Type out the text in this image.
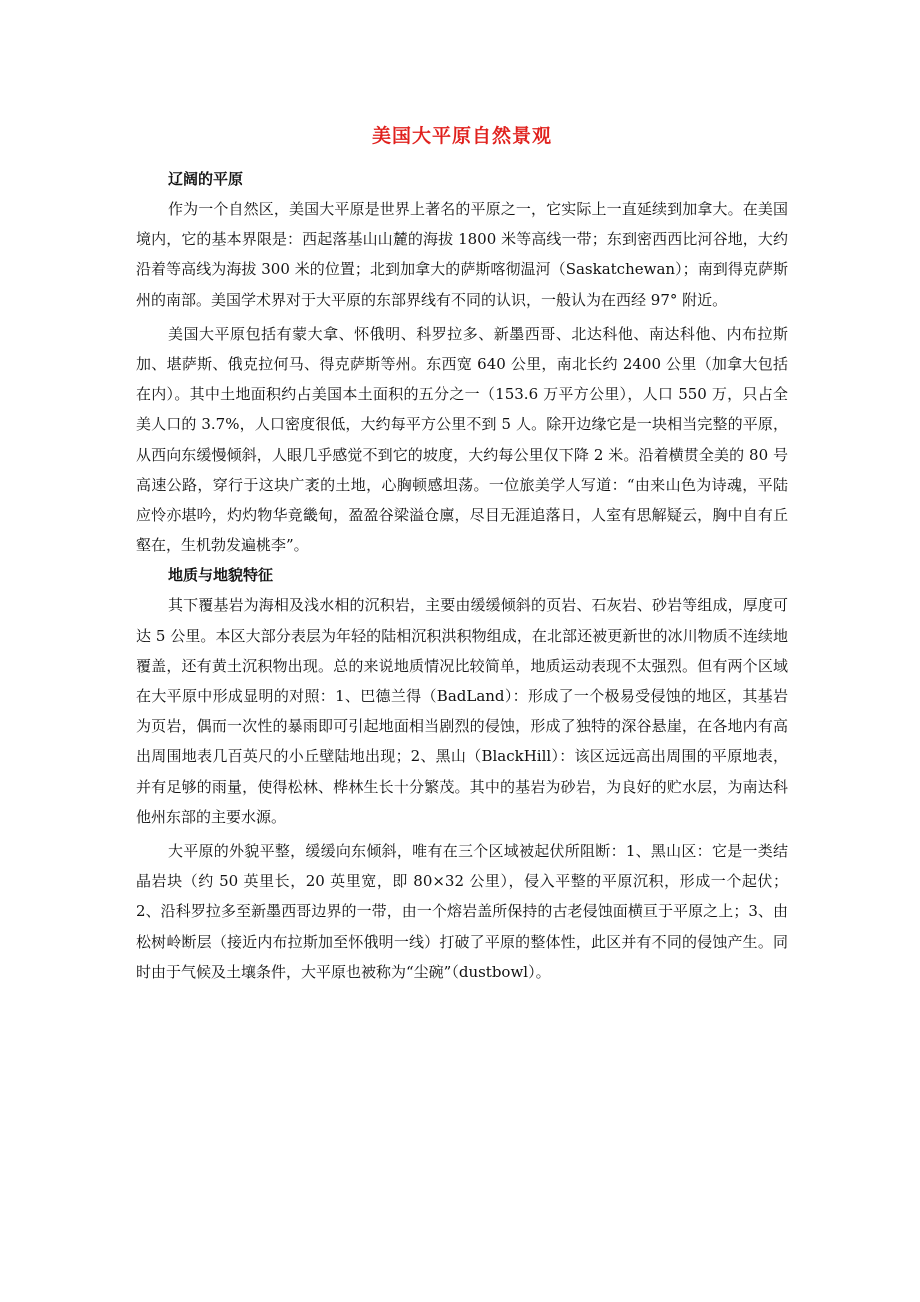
美国大平原自然景观
辽阔的平原

作为一个自然区，美国大平原是世界上著名的平原之一，它实际上一直延续到加拿大。在美国境内，它的基本界限是：西起落基山山麓的海拔 1800 米等高线一带；东到密西西比河谷地，大约沿着等高线为海拔 300 米的位置；北到加拿大的萨斯喀彻温河（Saskatchewan）；南到得克萨斯州的南部。美国学术界对于大平原的东部界线有不同的认识，一般认为在西经 97° 附近。

美国大平原包括有蒙大拿、怀俄明、科罗拉多、新墨西哥、北达科他、南达科他、内布拉斯加、堪萨斯、俄克拉何马、得克萨斯等州。东西宽 640 公里，南北长约 2400 公里（加拿大包括在内）。其中土地面积约占美国本土面积的五分之一（153.6 万平方公里），人口 550 万，只占全美人口的 3.7%，人口密度很低，大约每平方公里不到 5 人。除开边缘它是一块相当完整的平原，从西向东缓慢倾斜，人眼几乎感觉不到它的坡度，大约每公里仅下降 2 米。沿着横贯全美的 80 号高速公路，穿行于这块广袤的土地，心胸顿感坦荡。一位旅美学人写道：“由来山色为诗魂，平陆应怜亦堪吟，灼灼物华竟畿甸，盈盈谷梁溢仓廪，尽目无涯追落日，人室有思解疑云，胸中自有丘壑在，生机勃发遍桃李”。

地质与地貌特征

其下覆基岩为海相及浅水相的沉积岩，主要由缓缓倾斜的页岩、石灰岩、砂岩等组成，厚度可达 5 公里。本区大部分表层为年轻的陆相沉积洪积物组成，在北部还被更新世的冰川物质不连续地覆盖，还有黄土沉积物出现。总的来说地质情况比较简单，地质运动表现不太强烈。但有两个区域在大平原中形成显明的对照：1、巴德兰得（BadLand）：形成了一个极易受侵蚀的地区，其基岩为页岩，偶而一次性的暴雨即可引起地面相当剧烈的侵蚀，形成了独特的深谷悬崖，在各地内有高出周围地表几百英尺的小丘壁陆地出现；2、黑山（BlackHill）：该区远远高出周围的平原地表，并有足够的雨量，使得松林、桦林生长十分繁茂。其中的基岩为砂岩，为良好的贮水层，为南达科他州东部的主要水源。

大平原的外貌平整，缓缓向东倾斜，唯有在三个区域被起伏所阻断：1、黑山区：它是一类结晶岩块（约 50 英里长，20 英里宽，即 80×32 公里），侵入平整的平原沉积，形成一个起伏；2、沿科罗拉多至新墨西哥边界的一带，由一个熔岩盖所保持的古老侵蚀面横亘于平原之上；3、由松树岭断层（接近内布拉斯加至怀俄明一线）打破了平原的整体性，此区并有不同的侵蚀产生。同时由于气候及土壤条件，大平原也被称为“尘碗”（dustbowl）。
